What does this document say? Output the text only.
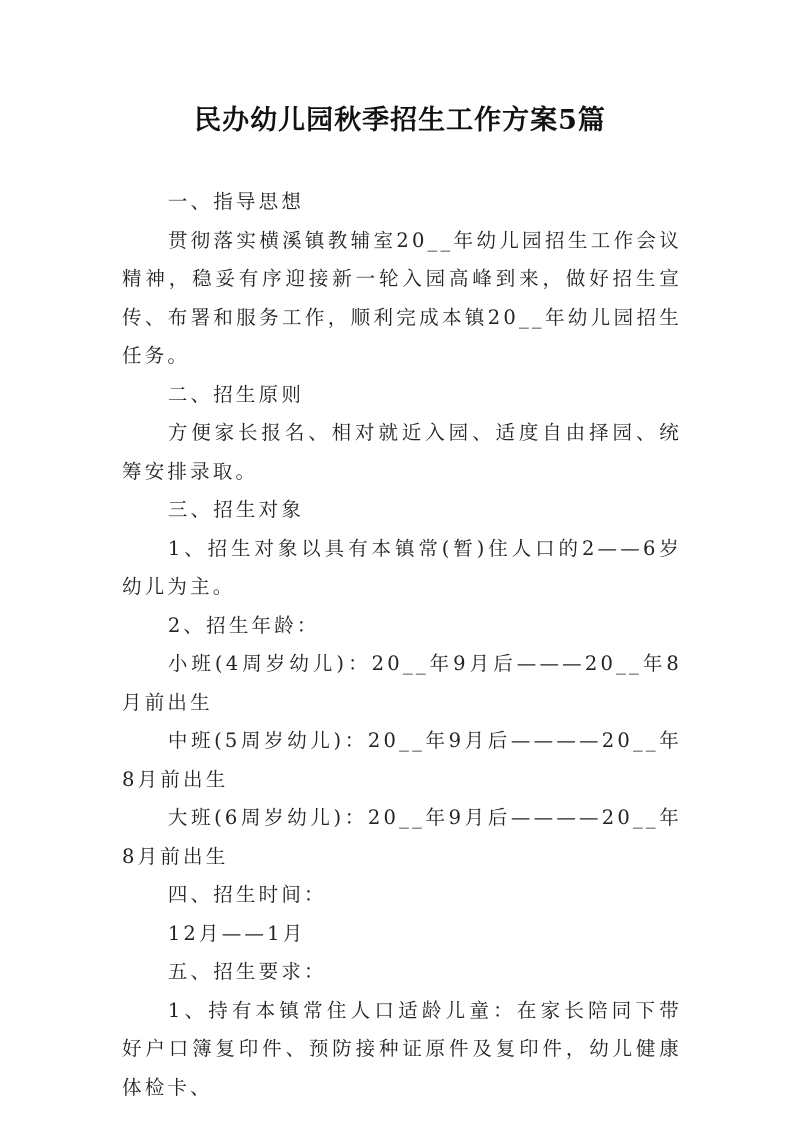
民办幼儿园秋季招生工作方案5篇

一、指导思想

贯彻落实横溪镇教辅室20__年幼儿园招生工作会议精神，稳妥有序迎接新一轮入园高峰到来，做好招生宣传、布署和服务工作，顺利完成本镇20__年幼儿园招生任务。

二、招生原则

方便家长报名、相对就近入园、适度自由择园、统筹安排录取。

三、招生对象

1、招生对象以具有本镇常(暂)住人口的2——6岁幼儿为主。

2、招生年龄：

小班(4周岁幼儿)：20__年9月后———20__年8月前出生

中班(5周岁幼儿)：20__年9月后————20__年8月前出生

大班(6周岁幼儿)：20__年9月后————20__年8月前出生

四、招生时间：

12月——1月

五、招生要求：

1、持有本镇常住人口适龄儿童：在家长陪同下带好户口簿复印件、预防接种证原件及复印件，幼儿健康体检卡、
